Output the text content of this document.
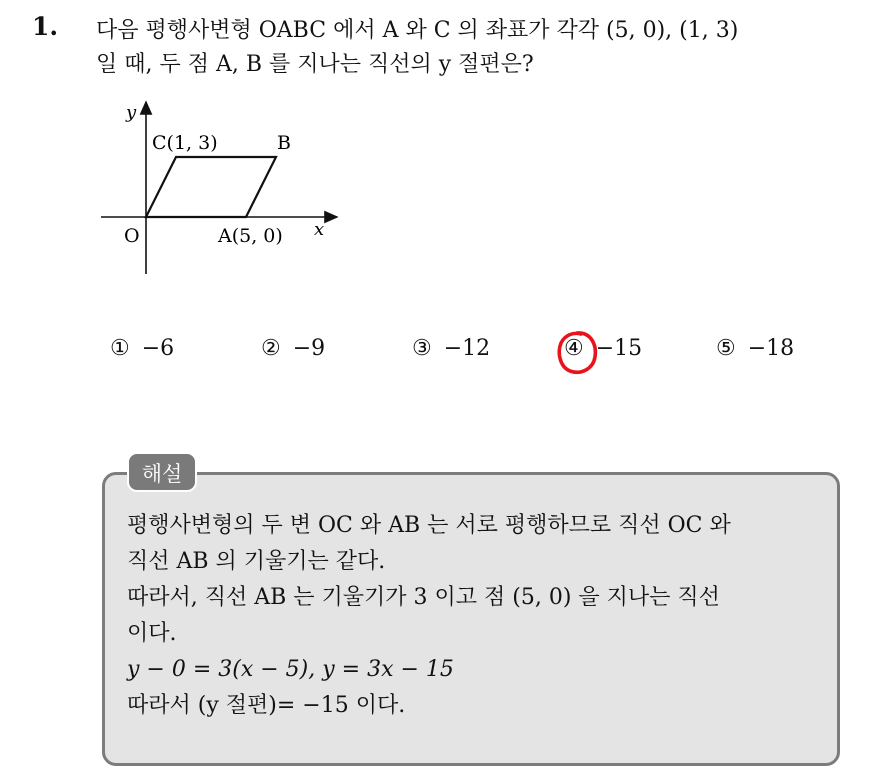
1. 다음 평행사변형 OABC 에서 A 와 C 의 좌표가 각각 (5, 0), (1, 3)
일 때, 두 점 A, B 를 지나는 직선의 y 절편은?
y
x
O	A(5, 0)
B
C(1, 3)
① −6	② −9	③ −12	④ −15	⑤ −18
해설
평행사변형의 두 변 OC 와 AB 는 서로 평행하므로 직선 OC 와
직선 AB 의 기울기는 같다.
따라서, 직선 AB 는 기울기가 3 이고 점 (5, 0) 을 지나는 직선
이다.
y − 0 = 3(x − 5), y = 3x − 15
따라서 (y 절편)= −15 이다.
